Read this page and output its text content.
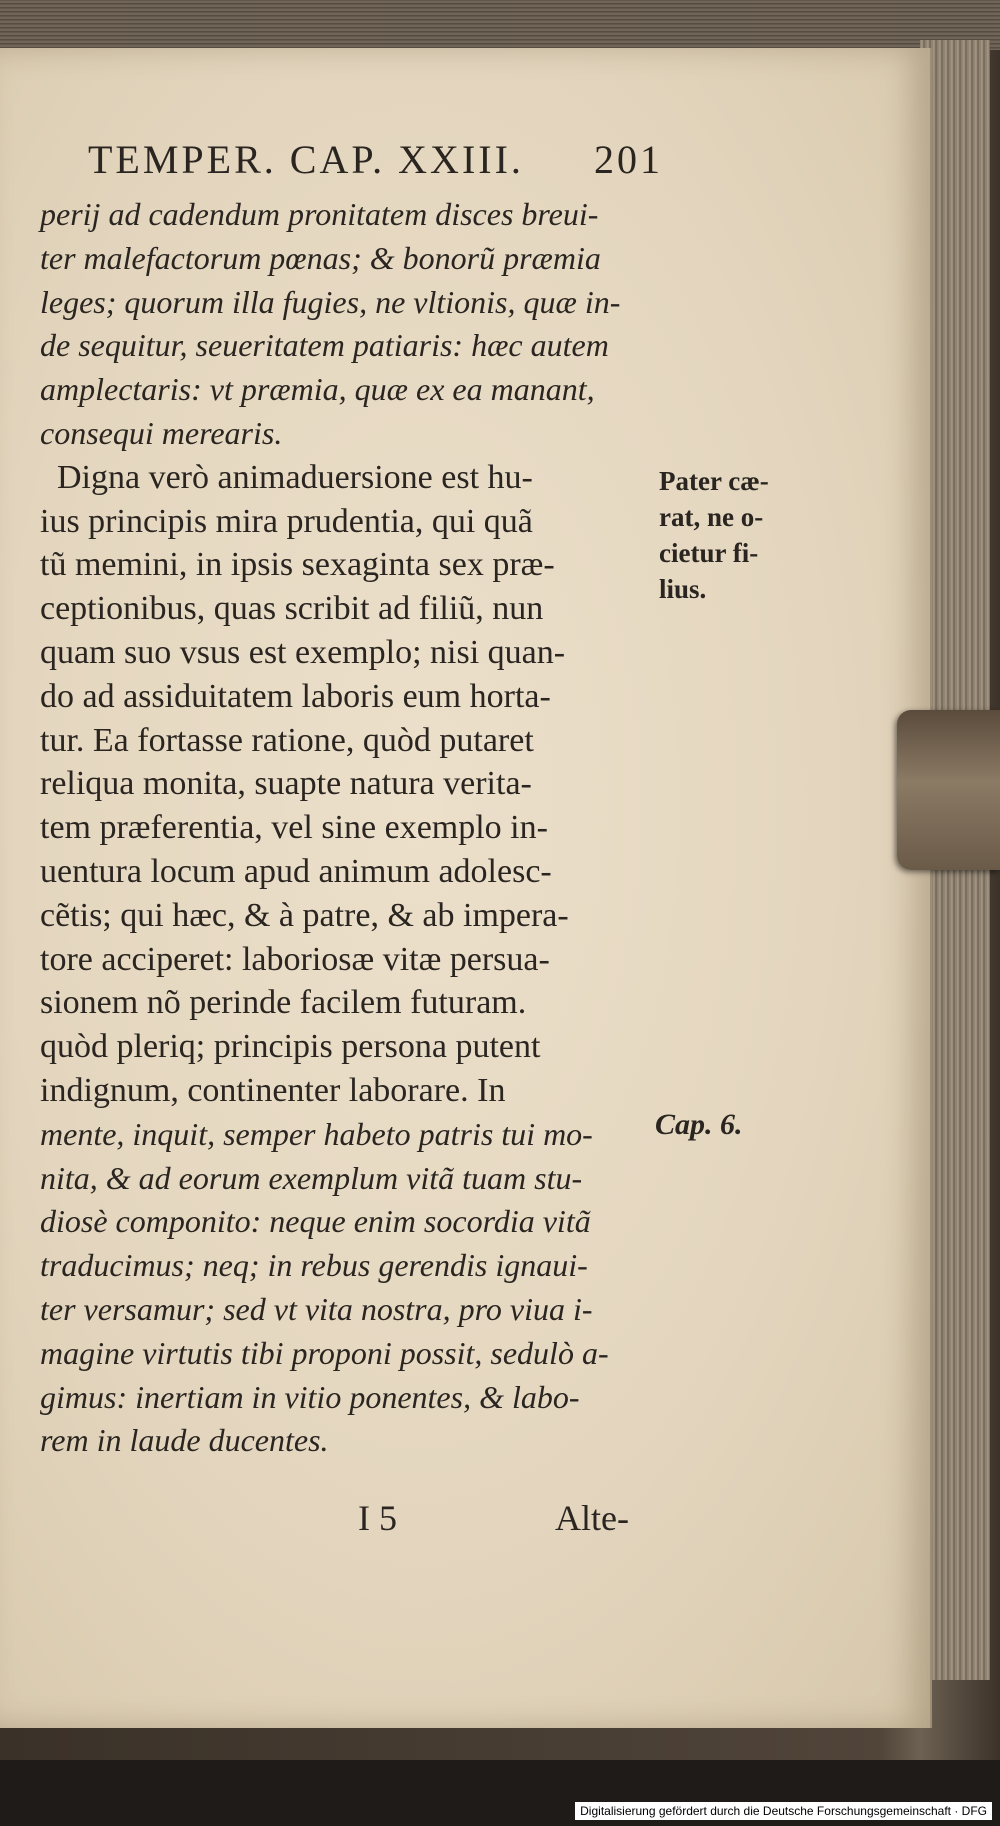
TEMPER. CAP. XXIII. 201

perij ad cadendum pronitatem disces breui-

ter malefactorum pœnas; & bonorũ præmia

leges; quorum illa fugies, ne vltionis, quæ in-

de sequitur, seueritatem patiaris: hæc autem

amplectaris: vt præmia, quæ ex ea manant,

consequi merearis.

Digna verò animaduersione est hu-

ius principis mira prudentia, qui quã

tũ memini, in ipsis sexaginta sex præ-

ceptionibus, quas scribit ad filiũ, nun

quam suo vsus est exemplo; nisi quan-

do ad assiduitatem laboris eum horta-

tur. Ea fortasse ratione, quòd putaret

reliqua monita, suapte natura verita-

tem præferentia, vel sine exemplo in-

uentura locum apud animum adolesc-

cẽtis; qui hæc, & à patre, & ab impera-

tore acciperet: laboriosæ vitæ persua-

sionem nõ perinde facilem futuram.

quòd pleriq; principis persona putent

indignum, continenter laborare. In

mente, inquit, semper habeto patris tui mo-

nita, & ad eorum exemplum vitã tuam stu-

diosè componito: neque enim socordia vitã

traducimus; neq; in rebus gerendis ignaui-

ter versamur; sed vt vita nostra, pro viua i-

magine virtutis tibi proponi possit, sedulò a-

gimus: inertiam in vitio ponentes, & labo-

rem in laude ducentes.

Pater cæ-

rat, ne o-

cietur fi-

lius.

Cap. 6.

I 5	Alte-

Digitalisierung gefördert durch die Deutsche Forschungsgemeinschaft · DFG
